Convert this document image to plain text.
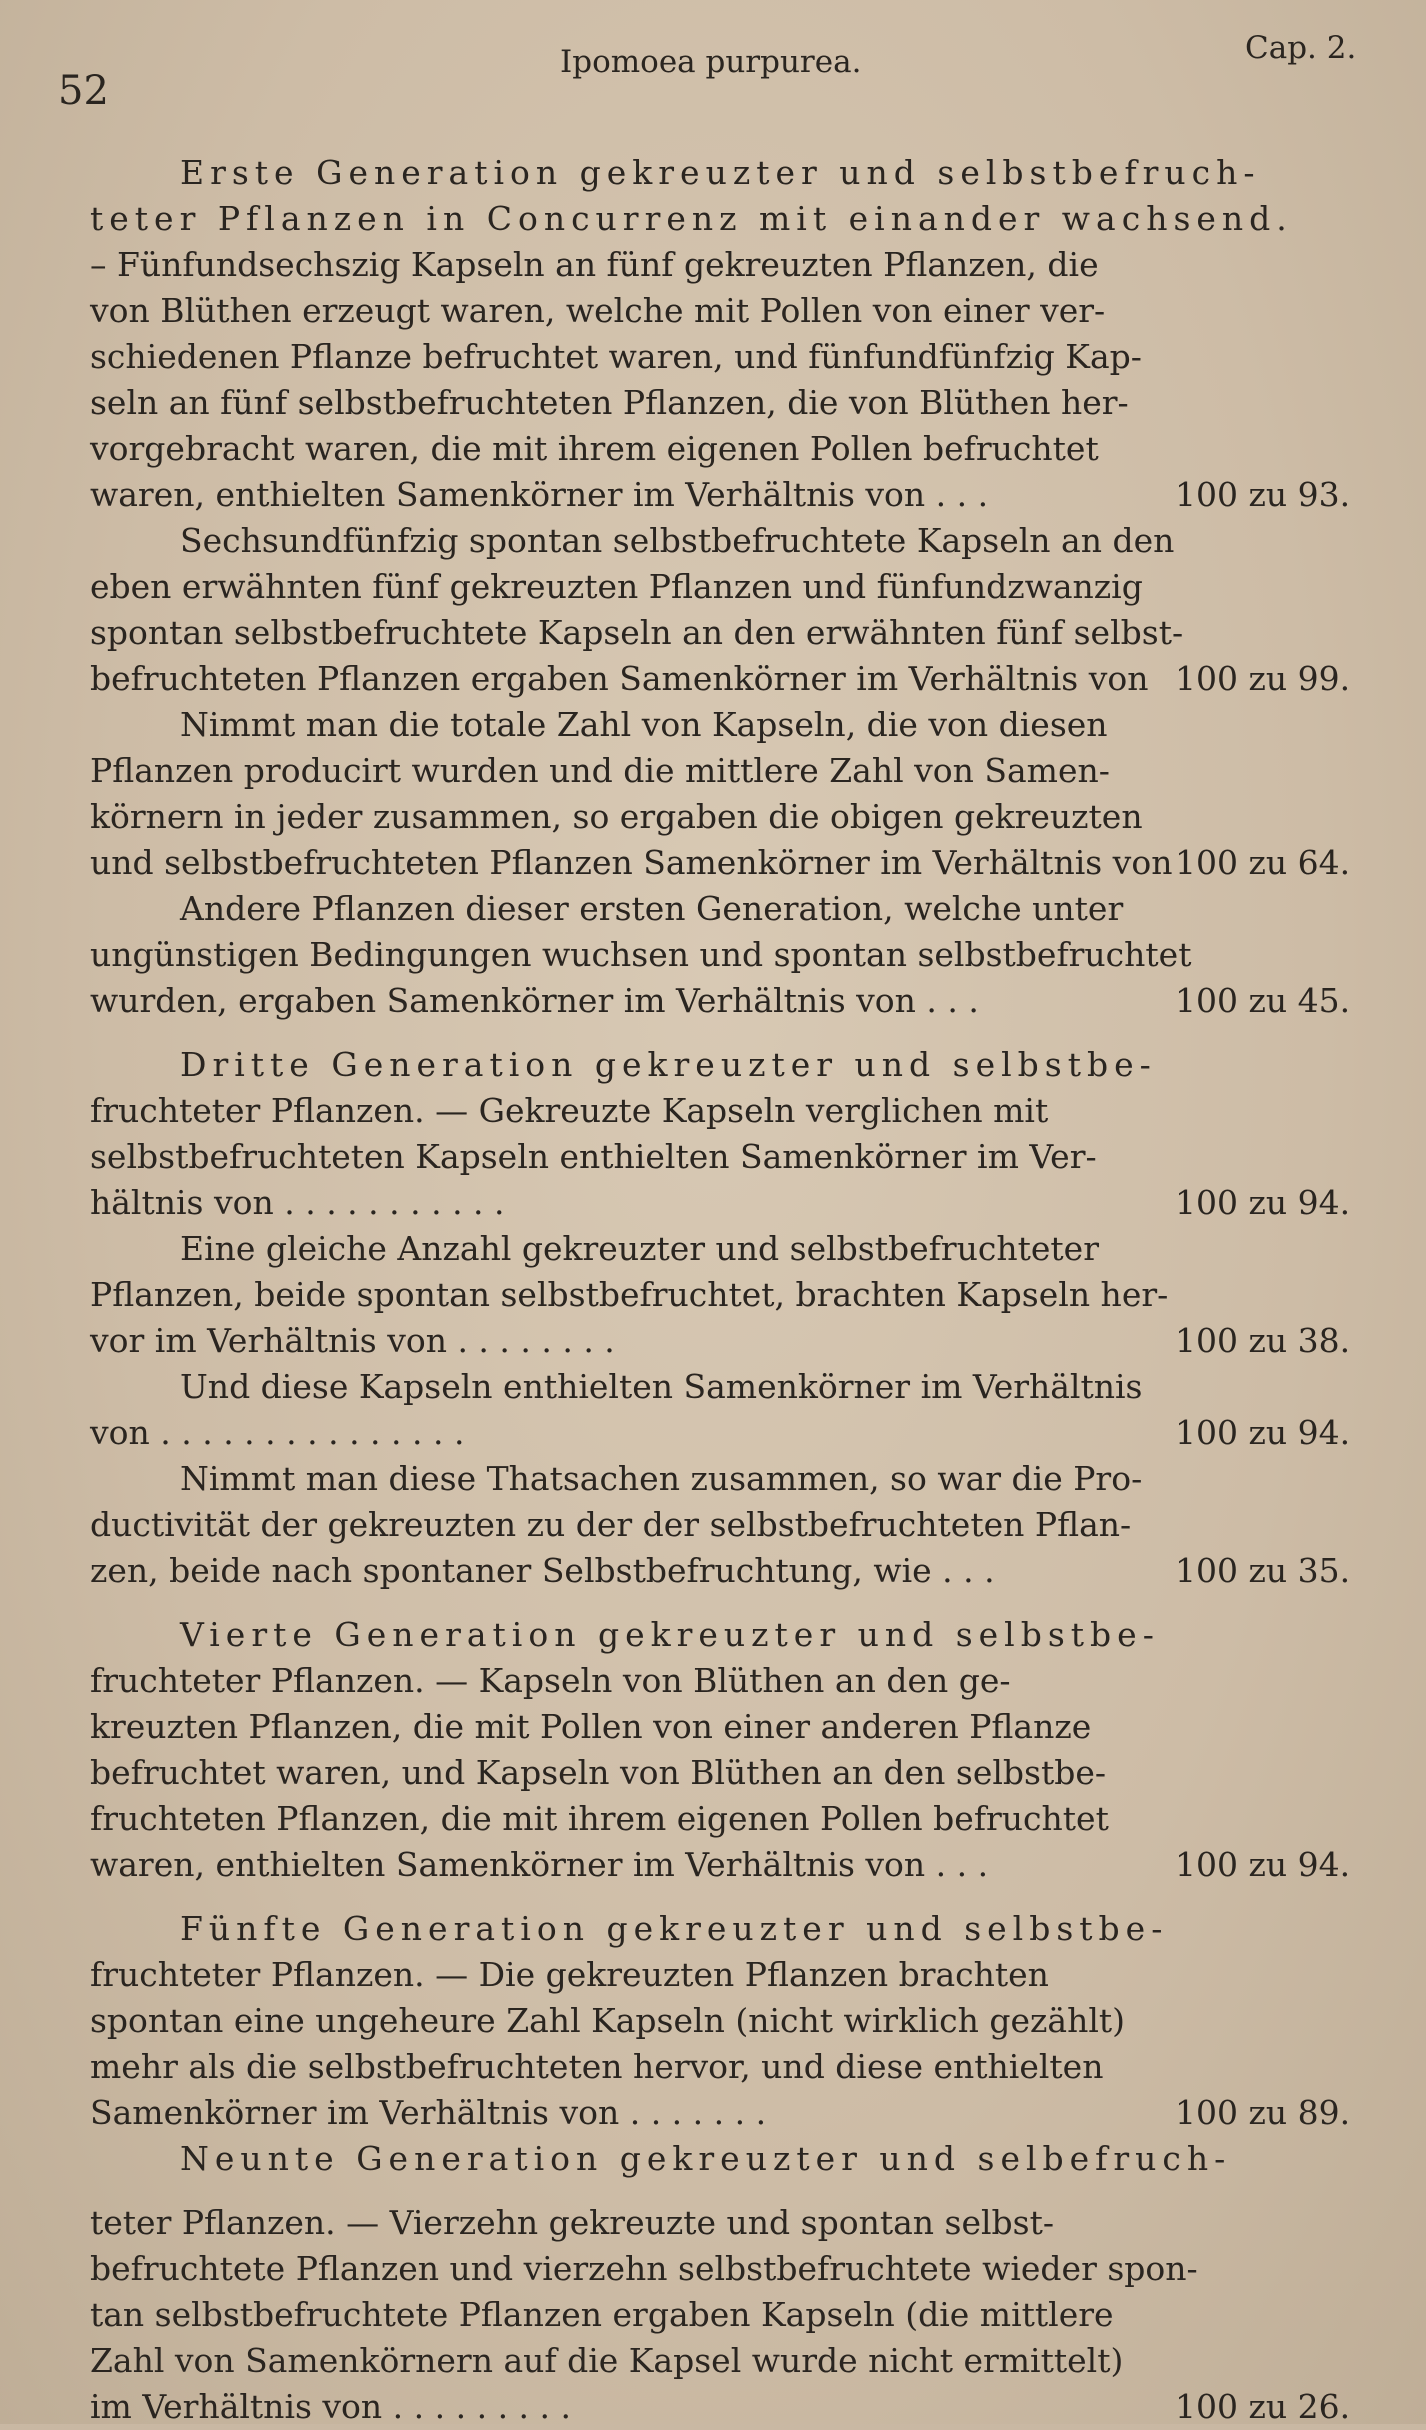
52
Ipomoea purpurea.	Cap. 2.
Erste Generation gekreuzter und selbstbefruch-
teter Pflanzen in Concurrenz mit einander wachsend.
– Fünfundsechszig Kapseln an fünf gekreuzten Pflanzen, die
von Blüthen erzeugt waren, welche mit Pollen von einer ver-
schiedenen Pflanze befruchtet waren, und fünfundfünfzig Kap-
seln an fünf selbstbefruchteten Pflanzen, die von Blüthen her-
vorgebracht waren, die mit ihrem eigenen Pollen befruchtet
waren, enthielten Samenkörner im Verhältnis von . . .	100 zu 93.
Sechsundfünfzig spontan selbstbefruchtete Kapseln an den
eben erwähnten fünf gekreuzten Pflanzen und fünfundzwanzig
spontan selbstbefruchtete Kapseln an den erwähnten fünf selbst-
befruchteten Pflanzen ergaben Samenkörner im Verhältnis von 100 zu 99.
Nimmt man die totale Zahl von Kapseln, die von diesen
Pflanzen producirt wurden und die mittlere Zahl von Samen-
körnern in jeder zusammen, so ergaben die obigen gekreuzten
und selbstbefruchteten Pflanzen Samenkörner im Verhältnis von 100 zu 64.
Andere Pflanzen dieser ersten Generation, welche unter
ungünstigen Bedingungen wuchsen und spontan selbstbefruchtet
wurden, ergaben Samenkörner im Verhältnis von . . .	100 zu 45.
Dritte Generation gekreuzter und selbstbe-
fruchteter Pflanzen. — Gekreuzte Kapseln verglichen mit
selbstbefruchteten Kapseln enthielten Samenkörner im Ver-
hältnis von . . . . . . . . . . .	100 zu 94.
Eine gleiche Anzahl gekreuzter und selbstbefruchteter
Pflanzen, beide spontan selbstbefruchtet, brachten Kapseln her-
vor im Verhältnis von . . . . . . . .	100 zu 38.
Und diese Kapseln enthielten Samenkörner im Verhältnis
von . . . . . . . . . . . . . . .	100 zu 94.
Nimmt man diese Thatsachen zusammen, so war die Pro-
ductivität der gekreuzten zu der der selbstbefruchteten Pflan-
zen, beide nach spontaner Selbstbefruchtung, wie . . .	100 zu 35.
Vierte Generation gekreuzter und selbstbe-
fruchteter Pflanzen. — Kapseln von Blüthen an den ge-
kreuzten Pflanzen, die mit Pollen von einer anderen Pflanze
befruchtet waren, und Kapseln von Blüthen an den selbstbe-
fruchteten Pflanzen, die mit ihrem eigenen Pollen befruchtet
waren, enthielten Samenkörner im Verhältnis von . . .	100 zu 94.
Fünfte Generation gekreuzter und selbstbe-
fruchteter Pflanzen. — Die gekreuzten Pflanzen brachten
spontan eine ungeheure Zahl Kapseln (nicht wirklich gezählt)
mehr als die selbstbefruchteten hervor, und diese enthielten
Samenkörner im Verhältnis von . . . . . . .	100 zu 89.
Neunte Generation gekreuzter und selbefruch-
teter Pflanzen. — Vierzehn gekreuzte und spontan selbst-
befruchtete Pflanzen und vierzehn selbstbefruchtete wieder spon-
tan selbstbefruchtete Pflanzen ergaben Kapseln (die mittlere
Zahl von Samenkörnern auf die Kapsel wurde nicht ermittelt)
im Verhältnis von . . . . . . . . .	100 zu 26.
